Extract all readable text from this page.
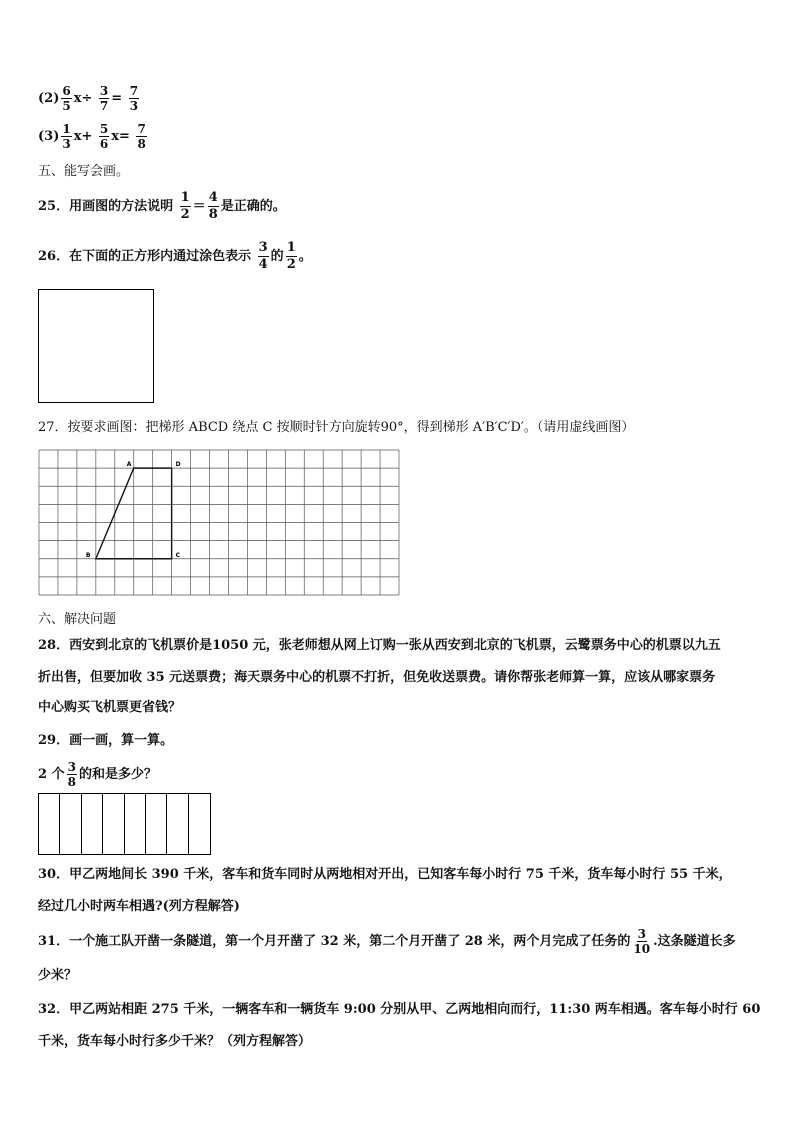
$(2) \frac{6}{5} x\div \frac{3}{7} = \frac{7}{3}$
$(3) \frac{1}{3} x+ \frac{5}{6} x= \frac{7}{8}$
五、能写会画。
25．用画图的方法说明 $\frac{1}{2} = \frac{4}{8}$ 是正确的。
26．在下面的正方形内通过涂色表示 $\frac{3}{4}$ 的 $\frac{1}{2}$ 。
27．按要求画图：把梯形 ABCD 绕点 C 按顺时针方向旋转90°，得到梯形 A′B′C′D′。（请用虚线画图）
A	D
C
B
六、解决问题
28．西安到北京的飞机票价是1050 元，张老师想从网上订购一张从西安到北京的飞机票，云鹭票务中心的机票以九五
折出售，但要加收 35 元送票费；海天票务中心的机票不打折，但免收送票费。请你帮张老师算一算，应该从哪家票务
中心购买飞机票更省钱？
29．画一画，算一算。
2 个 $\frac{3}{8}$ 的和是多少？
30．甲乙两地间长 390 千米，客车和货车同时从两地相对开出，已知客车每小时行 75 千米，货车每小时行 55 千米，
经过几小时两车相遇?(列方程解答)
31．一个施工队开凿一条隧道，第一个月开凿了 32 米，第二个月开凿了 28 米，两个月完成了任务的 $\frac{3}{10}$ .这条隧道长多
少米？
32．甲乙两站相距 275 千米，一辆客车和一辆货车 9:00 分别从甲、乙两地相向而行，11:30 两车相遇。客车每小时行 60
千米，货车每小时行多少千米？（列方程解答）
